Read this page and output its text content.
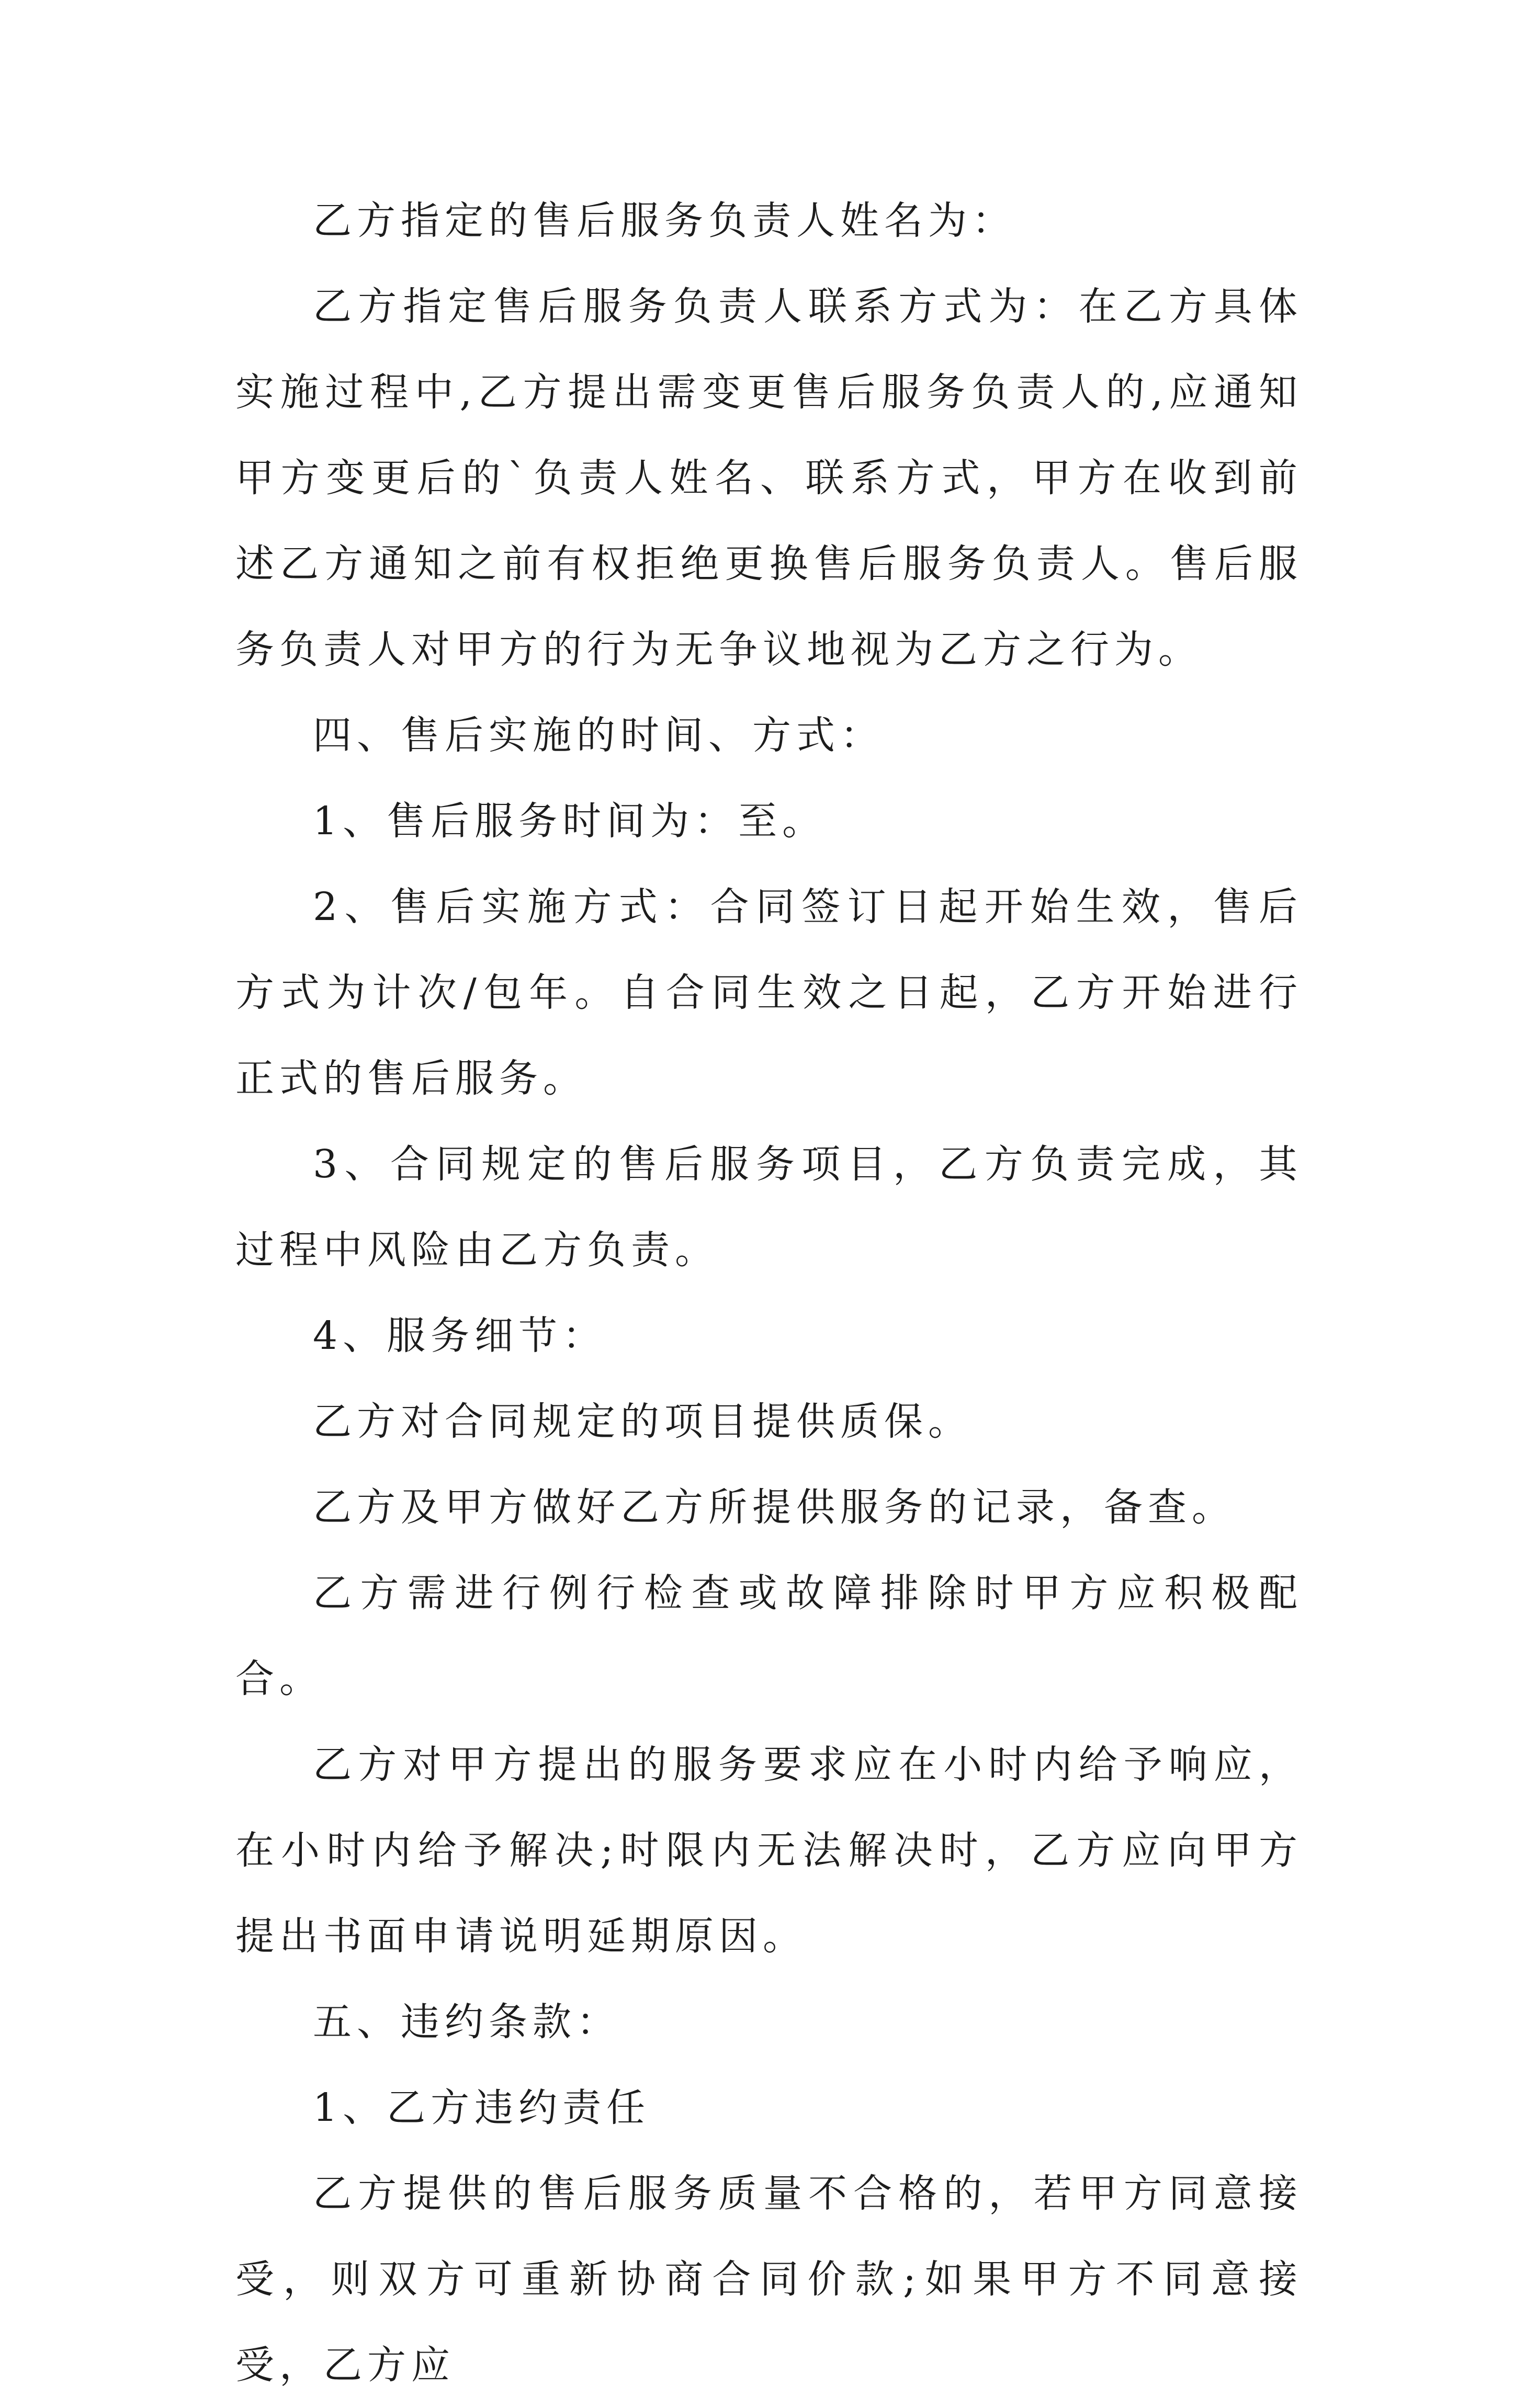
乙方指定的售后服务负责人姓名为：

乙方指定售后服务负责人联系方式为：在乙方具体实施过程中,乙方提出需变更售后服务负责人的,应通知甲方变更后的`负责人姓名、联系方式，甲方在收到前述乙方通知之前有权拒绝更换售后服务负责人。售后服务负责人对甲方的行为无争议地视为乙方之行为。

四、售后实施的时间、方式：

1、售后服务时间为：至。

2、售后实施方式：合同签订日起开始生效，售后方式为计次/包年。自合同生效之日起，乙方开始进行正式的售后服务。

3、合同规定的售后服务项目，乙方负责完成，其过程中风险由乙方负责。

4、服务细节：

乙方对合同规定的项目提供质保。

乙方及甲方做好乙方所提供服务的记录，备查。

乙方需进行例行检查或故障排除时甲方应积极配合。

乙方对甲方提出的服务要求应在小时内给予响应，在小时内给予解决;时限内无法解决时，乙方应向甲方提出书面申请说明延期原因。

五、违约条款：

1、乙方违约责任

乙方提供的售后服务质量不合格的，若甲方同意接受，则双方可重新协商合同价款;如果甲方不同意接受，乙方应
